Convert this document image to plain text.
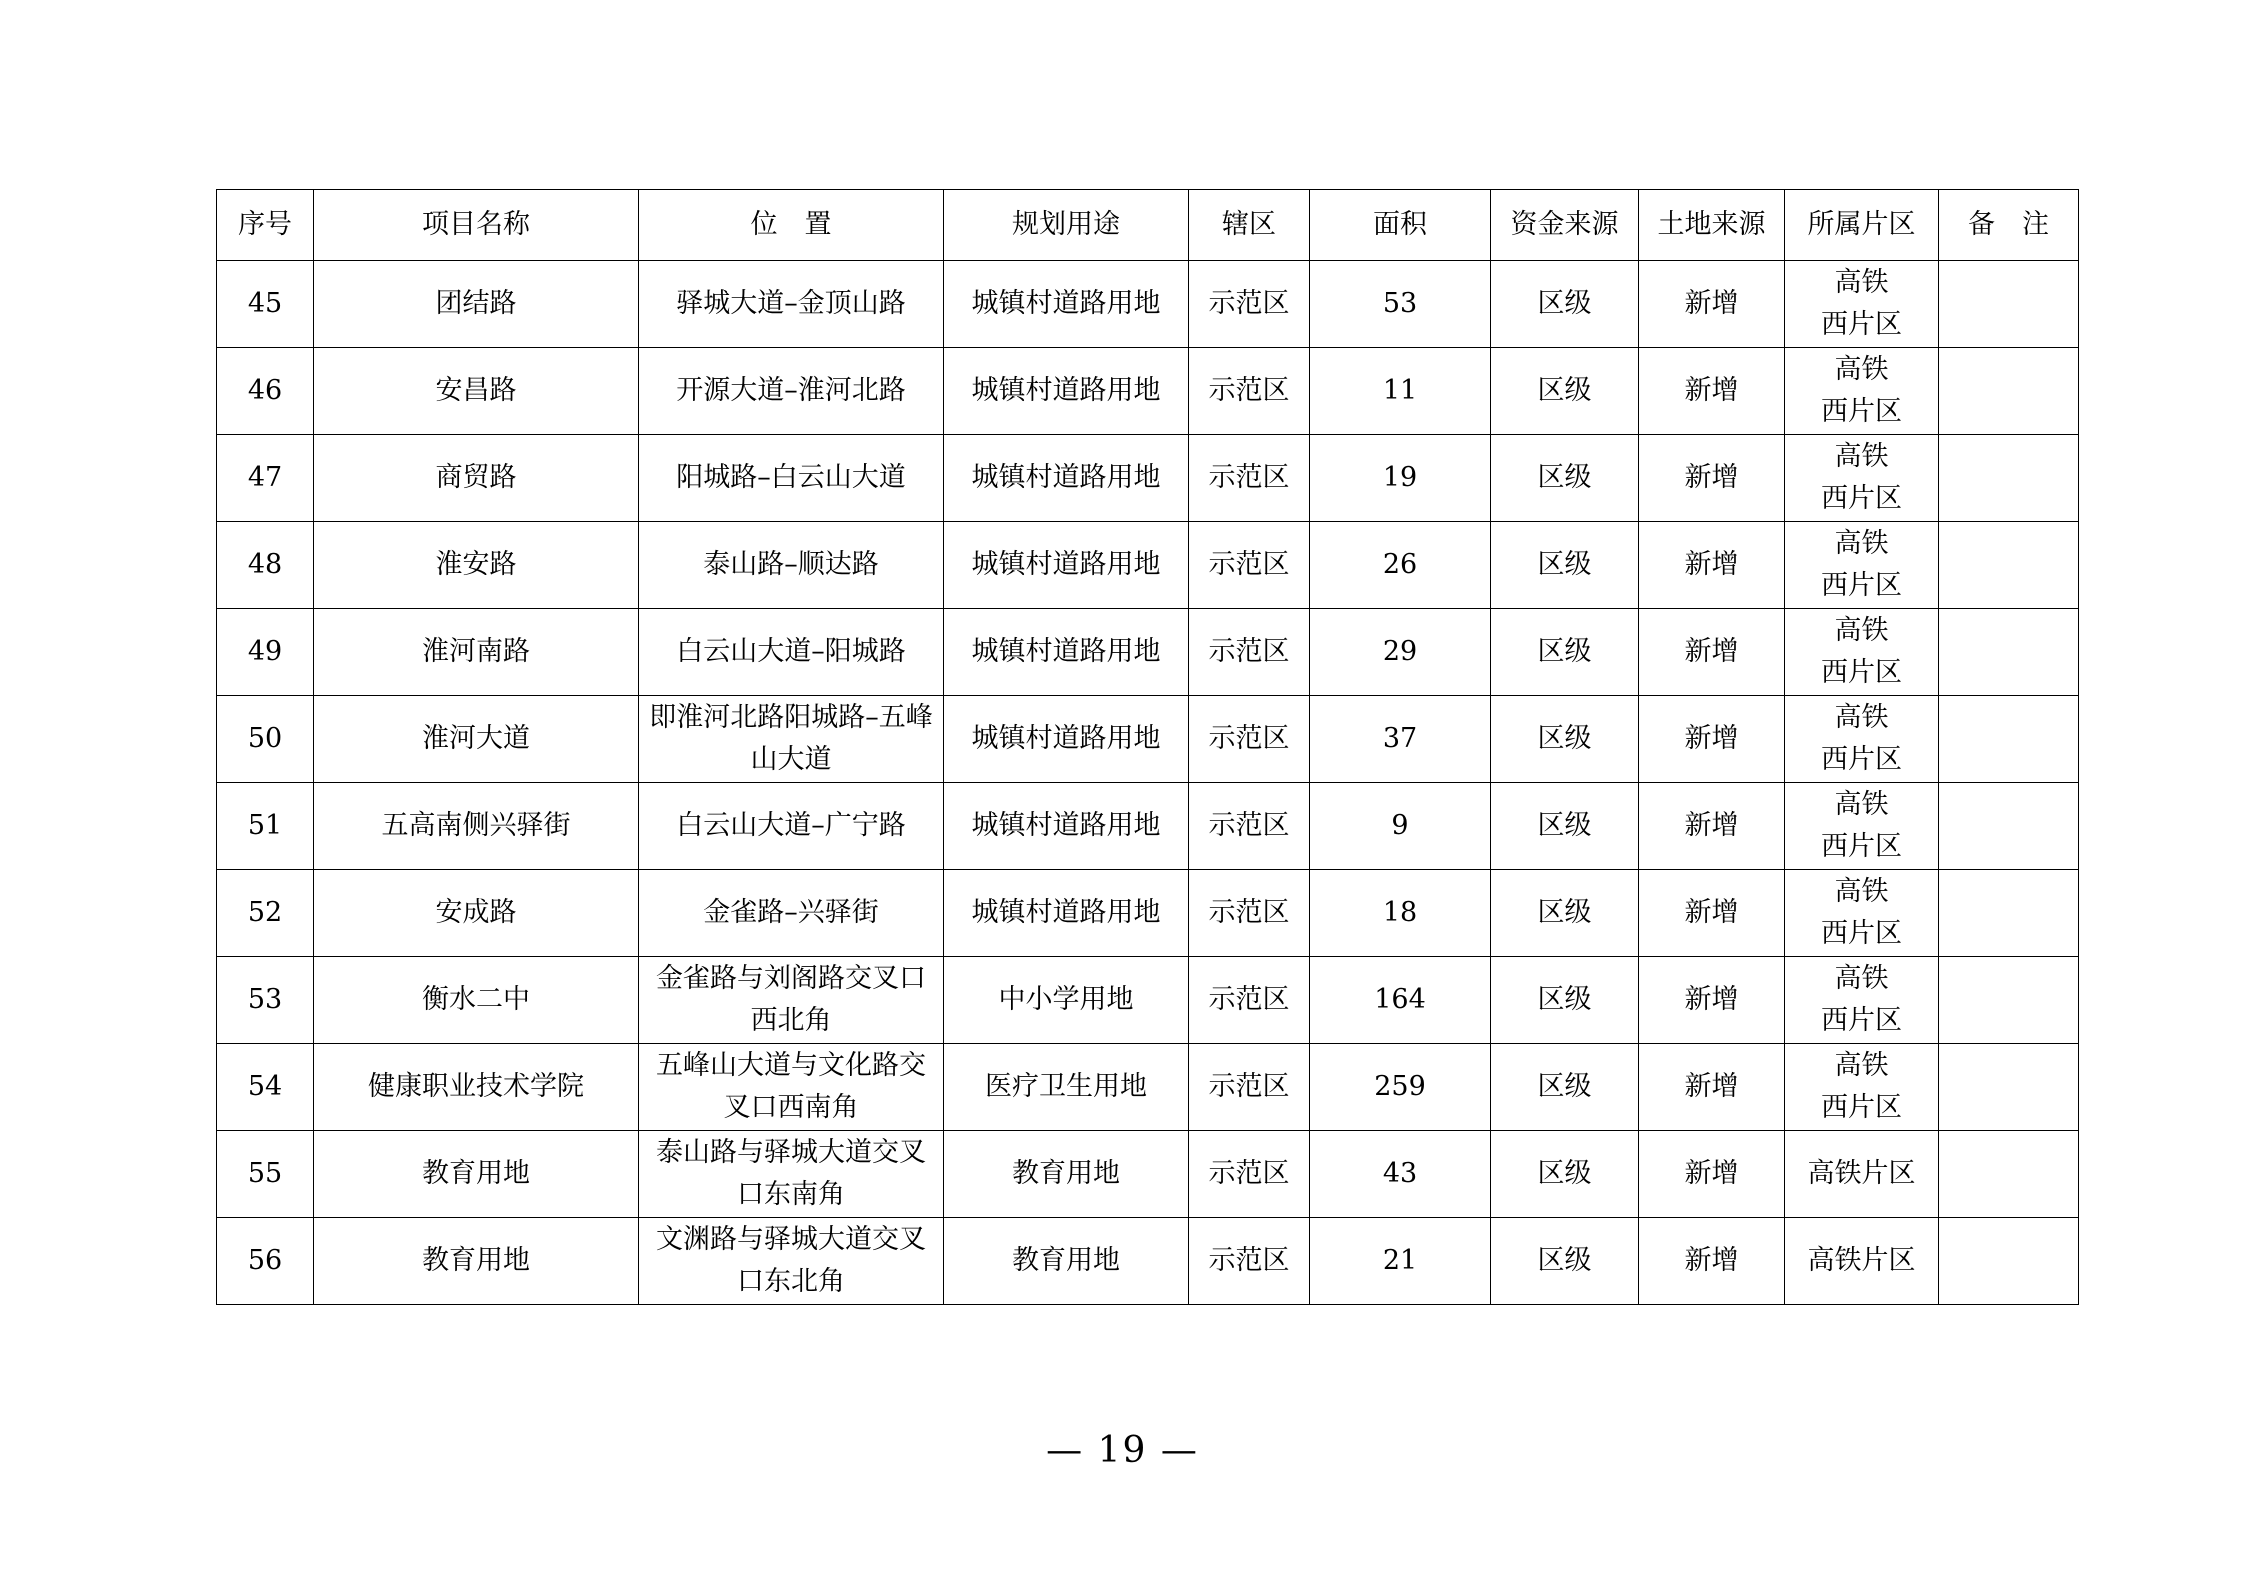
序号	项目名称	位　置	规划用途	辖区	面积	资金来源	土地来源	所属片区	备　注
45	团结路	驿城大道–金顶山路	城镇村道路用地	示范区	53	区级	新增	高铁
西片区	
46	安昌路	开源大道–淮河北路	城镇村道路用地	示范区	11	区级	新增	高铁
西片区	
47	商贸路	阳城路–白云山大道	城镇村道路用地	示范区	19	区级	新增	高铁
西片区	
48	淮安路	泰山路–顺达路	城镇村道路用地	示范区	26	区级	新增	高铁
西片区	
49	淮河南路	白云山大道–阳城路	城镇村道路用地	示范区	29	区级	新增	高铁
西片区	
50	淮河大道	即淮河北路阳城路–五峰
山大道	城镇村道路用地	示范区	37	区级	新增	高铁
西片区	
51	五高南侧兴驿街	白云山大道–广宁路	城镇村道路用地	示范区	9	区级	新增	高铁
西片区	
52	安成路	金雀路–兴驿街	城镇村道路用地	示范区	18	区级	新增	高铁
西片区	
53	衡水二中	金雀路与刘阁路交叉口
西北角	中小学用地	示范区	164	区级	新增	高铁
西片区	
54	健康职业技术学院	五峰山大道与文化路交
叉口西南角	医疗卫生用地	示范区	259	区级	新增	高铁
西片区	
55	教育用地	泰山路与驿城大道交叉
口东南角	教育用地	示范区	43	区级	新增	高铁片区	
56	教育用地	文渊路与驿城大道交叉
口东北角	教育用地	示范区	21	区级	新增	高铁片区	
— 19 —
